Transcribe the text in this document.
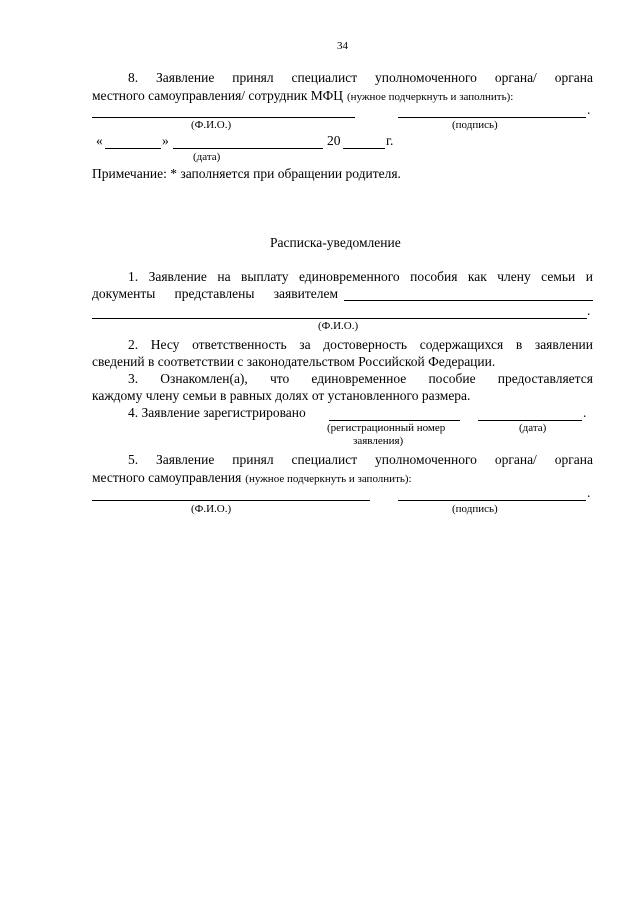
34
8. Заявление принял специалист уполномоченного органа/ органа
местного самоуправления/ сотрудник МФЦ (нужное подчеркнуть и заполнить):
.
(Ф.И.О.)	(подпись)
«	»	20	г.
(дата)
Примечание: * заполняется при обращении родителя.
Расписка-уведомление
1. Заявление на выплату единовременного пособия как члену семьи и
документы представлены заявителем
.
(Ф.И.О.)
2. Несу ответственность за достоверность содержащихся в заявлении
сведений в соответствии с законодательством Российской Федерации.
3. Ознакомлен(а), что единовременное пособие предоставляется
каждому члену семьи в равных долях от установленного размера.
4. Заявление зарегистрировано	.
(регистрационный номер	(дата)
заявления)
5. Заявление принял специалист уполномоченного органа/ органа
местного самоуправления (нужное подчеркнуть и заполнить):
.
(Ф.И.О.)	(подпись)
